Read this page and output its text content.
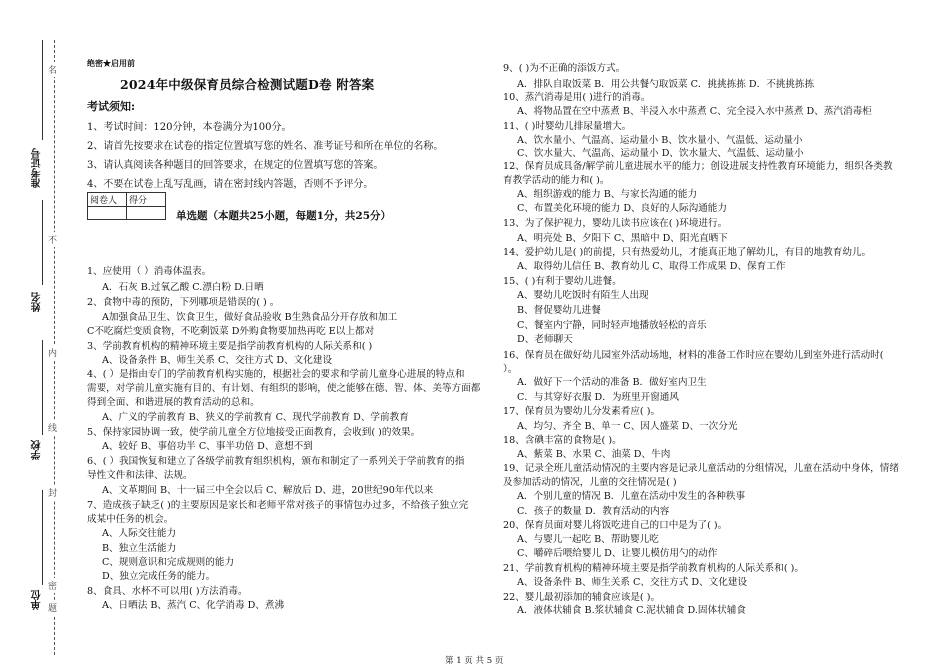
准考证号
姓名
学校
单位
名
不
内
线
封
密
题
绝密★启用前
2024年中级保育员综合检测试题D卷 附答案
考试须知:
1、考试时间：120分钟，本卷满分为100分。
2、请首先按要求在试卷的指定位置填写您的姓名、准考证号和所在单位的名称。
3、请认真阅读各种题目的回答要求，在规定的位置填写您的答案。
4、不要在试卷上乱写乱画，请在密封线内答题，否则不予评分。
阅卷人	得分

单选题（本题共25小题，每题1分，共25分）
1、应使用（ ）消毒体温表。
A．石灰 B.过氧乙酸 C.漂白粉 D.日晒
2、食物中毒的预防，下列哪项是错误的( ) 。
A加强食品卫生、饮食卫生，做好食品验收 B生熟食品分开存放和加工
C不吃腐烂变质食物，不吃剩饭菜 D外购食物要加热再吃 E以上都对
3、学前教育机构的精神环境主要是指学前教育机构的人际关系和( )
A、设备条件 B、师生关系 C、交往方式 D、文化建设
4、( ）是指由专门的学前教育机构实施的，根据社会的要求和学前儿童身心进展的特点和
需要，对学前儿童实施有目的、有计划、有组织的影响，使之能够在德、智、体、美等方面都
得到全面、和谐进展的教育活动的总和。
A、广义的学前教育 B、狭义的学前教育 C、现代学前教育 D、学前教育
5、保持家园协调一致，使学前儿童全方位地接受正面教育，会收到( )的效果。
A、较好 B、事倍功半 C、事半功倍 D、意想不到
6、( ）我国恢复和建立了各级学前教育组织机构，颁布和制定了一系列关于学前教育的指
导性文件和法律、法规。
A、文革期间 B、十一届三中全会以后 C、解放后 D、进，20世纪90年代以来
7、造成孩子缺乏( )的主要原因是家长和老师平常对孩子的事情包办过多，不给孩子独立完
成某中任务的机会。
A、人际交往能力
B、独立生活能力
C、规则意识和完成规则的能力
D、独立完成任务的能力。
8、食具、水杯不可以用( )方法消毒。
A、日晒法 B、蒸汽 C、化学消毒 D、煮沸
9、( )为不正确的添饭方式。
A．排队自取饭菜 B．用公共餐勺取饭菜 C．挑挑拣拣 D．不挑挑拣拣
10、蒸汽消毒是用( )进行的消毒。
A、将物品置在空中蒸煮 B、半浸入水中蒸煮 C、完全浸入水中蒸煮 D、蒸汽消毒柜
11、( )时婴幼儿排尿量增大。
A、饮水量小、气温高、运动量小 B、饮水量小、气温低、运动量小
C、饮水量大、气温高、运动量小 D、饮水量大、气温低、运动量小
12、保育员成具备/解学前儿童进展水平的能力；创设进展支持性教育环境能力，组织各类教
育教学活动的能力和( )。
A、组织游戏的能力 B、与家长沟通的能力
C、布置美化环境的能力 D、良好的人际沟通能力
13、为了保护视力，婴幼儿读书应该在( )环境进行。
A、明亮处 B、夕阳下 C、黑暗中 D、阳光直晒下
14、爱护幼儿是( )的前提，只有热爱幼儿，才能真正地了解幼儿，有目的地教育幼儿。
A、取得幼儿信任 B、教育幼儿 C、取得工作成果 D、保育工作
15、( )有利于婴幼儿进餐。
A、婴幼儿吃饭时有陌生人出现
B、督促婴幼儿进餐
C、餐室内宁静，同时轻声地播放轻松的音乐
D、老师聊天
16、保育员在做好幼儿园室外活动场地，材料的准备工作时应在婴幼儿到室外进行活动时(
）。
A．做好下一个活动的准备 B．做好室内卫生
C．与其穿好衣服 D．为班里开窗通风
17、保育员为婴幼儿分发素肴应( )。
A、均匀、齐全 B、单一 C、因人盛菜 D、一次分光
18、含碘丰富的食物是( )。
A、紫菜 B、水果 C、油菜 D、牛肉
19、记录全班儿童活动情况的主要内容是记录儿童活动的分组情况，儿童在活动中身体，情绪
及参加活动的情况，儿童的交往情况是( )
A．个别儿童的情况 B．儿童在活动中发生的各种秩事
C．孩子的数量 D．教育活动的内容
20、保育员面对婴儿将饭吃进自己的口中是为了( )。
A、与婴儿一起吃 B、帮助婴儿吃
C、嚼碎后喂给婴儿 D、让婴儿模仿用勺的动作
21、学前教育机构的精神环境主要是指学前教育机构的人际关系和( )。
A、设备条件 B、师生关系 C、交往方式 D、文化建设
22、婴儿最初添加的辅食应该是( )。
A．液体状辅食 B.浆状辅食 C.泥状辅食 D.固体状辅食
第 1 页 共 5 页
